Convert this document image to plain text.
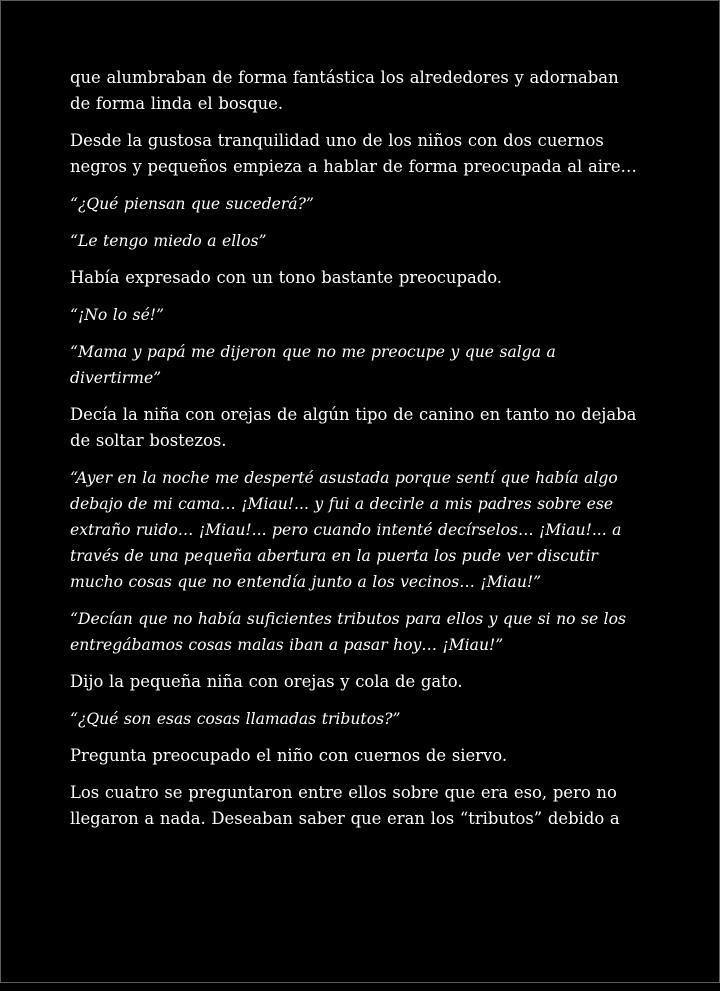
que alumbraban de forma fantástica los alrededores y adornaban
de forma linda el bosque.

Desde la gustosa tranquilidad uno de los niños con dos cuernos
negros y pequeños empieza a hablar de forma preocupada al aire…

“¿Qué piensan que sucederá?”

“Le tengo miedo a ellos”

Había expresado con un tono bastante preocupado.

“¡No lo sé!”

“Mama y papá me dijeron que no me preocupe y que salga a
divertirme”

Decía la niña con orejas de algún tipo de canino en tanto no dejaba
de soltar bostezos.

“Ayer en la noche me desperté asustada porque sentí que había algo
debajo de mi cama… ¡Miau!... y fui a decirle a mis padres sobre ese
extraño ruido… ¡Miau!... pero cuando intenté decírselos… ¡Miau!... a
través de una pequeña abertura en la puerta los pude ver discutir
mucho cosas que no entendía junto a los vecinos… ¡Miau!”

“Decían que no había suficientes tributos para ellos y que si no se los
entregábamos cosas malas iban a pasar hoy… ¡Miau!”

Dijo la pequeña niña con orejas y cola de gato.

“¿Qué son esas cosas llamadas tributos?”

Pregunta preocupado el niño con cuernos de siervo.

Los cuatro se preguntaron entre ellos sobre que era eso, pero no
llegaron a nada. Deseaban saber que eran los “tributos” debido a
